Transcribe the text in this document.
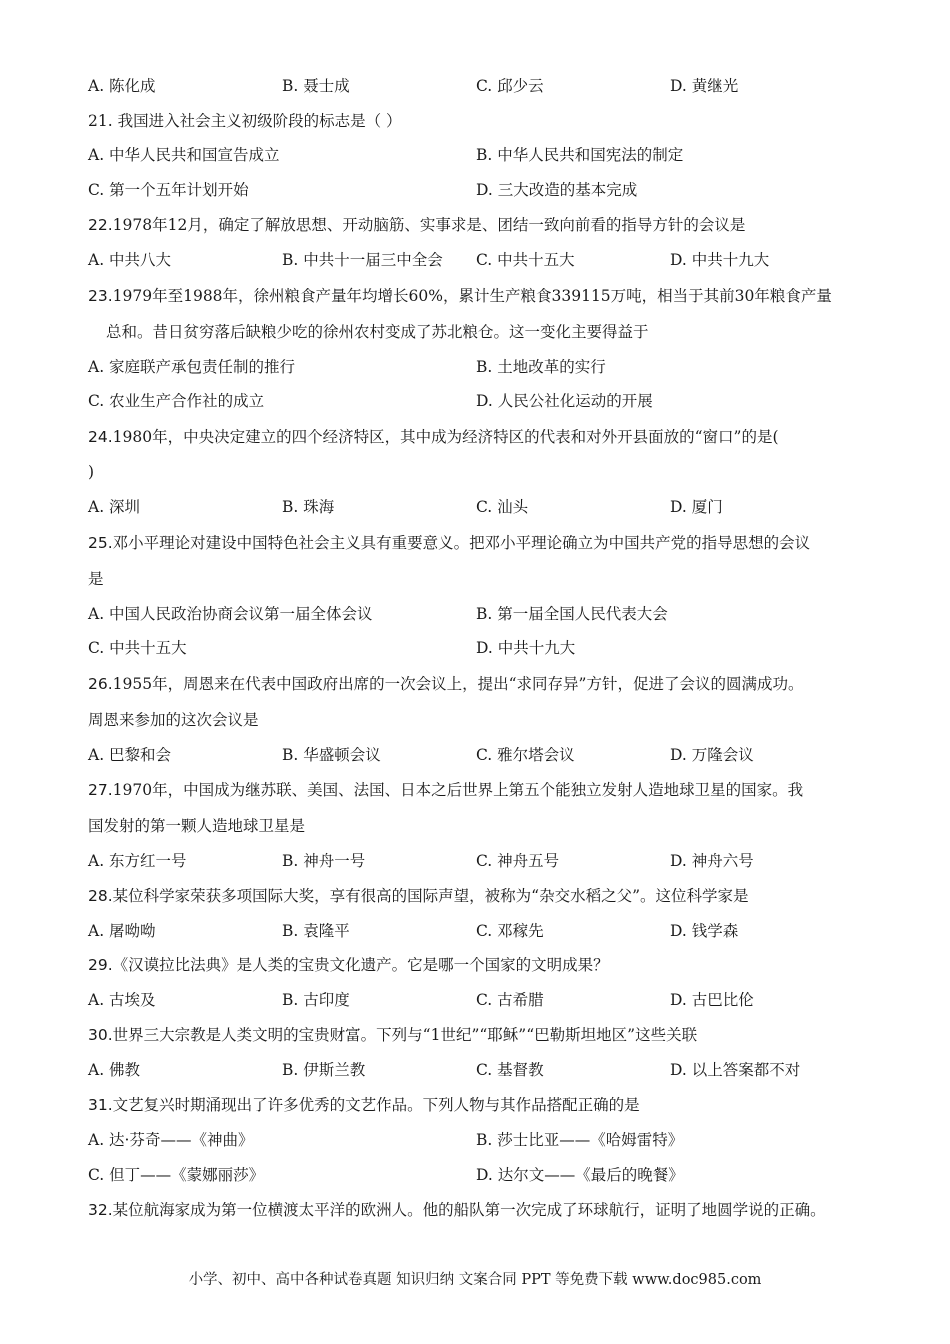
A. 陈化成	B. 聂士成	C. 邱少云	D. 黄继光
21. 我国进入社会主义初级阶段的标志是（ ）
A. 中华人民共和国宣告成立	B. 中华人民共和国宪法的制定
C. 第一个五年计划开始	D. 三大改造的基本完成
22.1978年12月，确定了解放思想、开动脑筋、实事求是、团结一致向前看的指导方针的会议是
A. 中共八大	B. 中共十一届三中全会 C. 中共十五大	D. 中共十九大
23.1979年至1988年，徐州粮食产量年均增长60%，累计生产粮食339115万吨，相当于其前30年粮食产量
总和。昔日贫穷落后缺粮少吃的徐州农村变成了苏北粮仓。这一变化主要得益于
A. 家庭联产承包责任制的推行	B. 土地改革的实行
C. 农业生产合作社的成立	D. 人民公社化运动的开展
24.1980年，中央决定建立的四个经济特区，其中成为经济特区的代表和对外开县面放的“窗口”的是(
)
A. 深圳	B. 珠海	C. 汕头	D. 厦门
25.邓小平理论对建设中国特色社会主义具有重要意义。把邓小平理论确立为中国共产党的指导思想的会议
是
A. 中国人民政治协商会议第一届全体会议	B. 第一届全国人民代表大会
C. 中共十五大	D. 中共十九大
26.1955年，周恩来在代表中国政府出席的一次会议上，提出“求同存异”方针，促进了会议的圆满成功。
周恩来参加的这次会议是
A. 巴黎和会	B. 华盛顿会议	C. 雅尔塔会议	D. 万隆会议
27.1970年，中国成为继苏联、美国、法国、日本之后世界上第五个能独立发射人造地球卫星的国家。我
国发射的第一颗人造地球卫星是
A. 东方红一号	B. 神舟一号	C. 神舟五号	D. 神舟六号
28.某位科学家荣获多项国际大奖，享有很高的国际声望，被称为“杂交水稻之父”。这位科学家是
A. 屠呦呦	B. 袁隆平	C. 邓稼先	D. 钱学森
29.《汉谟拉比法典》是人类的宝贵文化遗产。它是哪一个国家的文明成果？
A. 古埃及	B. 古印度	C. 古希腊	D. 古巴比伦
30.世界三大宗教是人类文明的宝贵财富。下列与“1世纪”“耶稣”“巴勒斯坦地区”这些关联
A. 佛教	B. 伊斯兰教	C. 基督教	D. 以上答案都不对
31.文艺复兴时期涌现出了许多优秀的文艺作品。下列人物与其作品搭配正确的是
A. 达·芬奇——《神曲》	B. 莎士比亚——《哈姆雷特》
C. 但丁——《蒙娜丽莎》	D. 达尔文——《最后的晚餐》
32.某位航海家成为第一位横渡太平洋的欧洲人。他的船队第一次完成了环球航行，证明了地圆学说的正确。
小学、初中、高中各种试卷真题 知识归纳 文案合同 PPT 等免费下载 www.doc985.com
